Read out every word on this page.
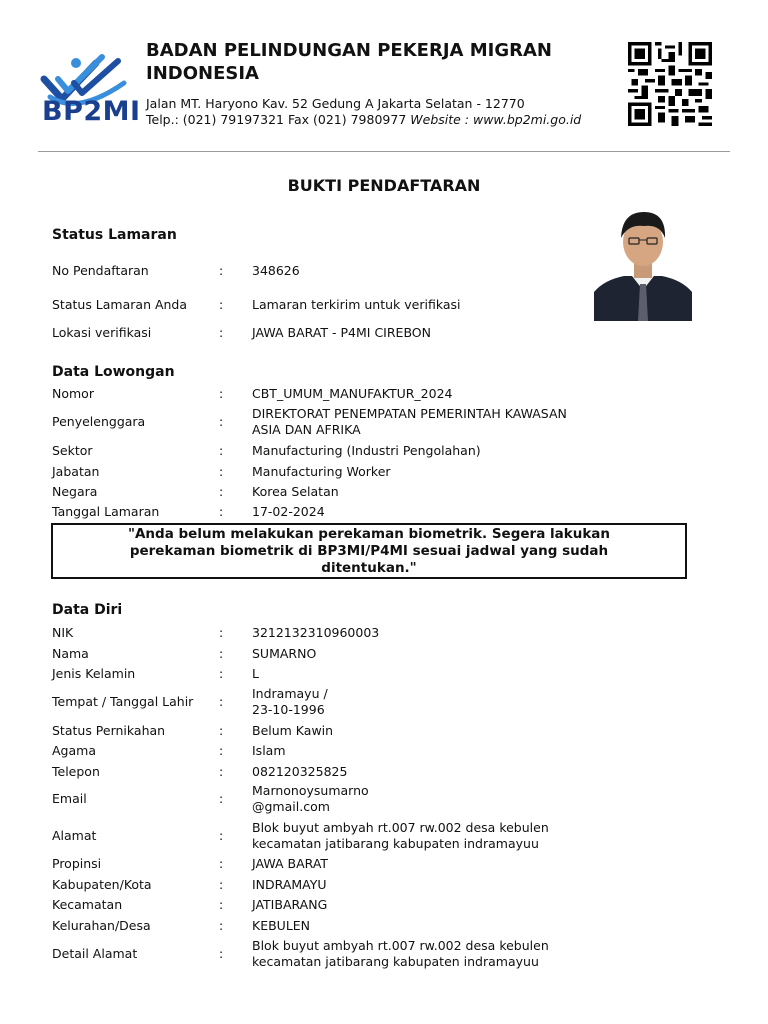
BP2MI
BADAN PELINDUNGAN PEKERJA MIGRAN INDONESIA
Jalan MT. Haryono Kav. 52 Gedung A Jakarta Selatan - 12770
Telp.: (021) 79197321 Fax (021) 7980977 Website : www.bp2mi.go.id
BUKTI PENDAFTARAN
Status Lamaran
No Pendaftaran	: 348626
Status Lamaran Anda	: Lamaran terkirim untuk verifikasi
Lokasi verifikasi	: JAWA BARAT - P4MI CIREBON
Data Lowongan
Nomor	: CBT_UMUM_MANUFAKTUR_2024
Penyelenggara	:
DIREKTORAT PENEMPATAN PEMERINTAH KAWASAN
ASIA DAN AFRIKA
Sektor	: Manufacturing (Industri Pengolahan)
Jabatan	: Manufacturing Worker
Negara	: Korea Selatan
Tanggal Lamaran	: 17-02-2024
"Anda belum melakukan perekaman biometrik. Segera lakukan perekaman biometrik di BP3MI/P4MI sesuai jadwal yang sudah ditentukan."
Data Diri
NIK	: 3212132310960003
Nama	: SUMARNO
Jenis Kelamin	: L
Tempat / Tanggal Lahir :
Indramayu /
23-10-1996
Status Pernikahan	: Belum Kawin
Agama	: Islam
Telepon	: 082120325825
Email	:
Marnonoysumarno
@gmail.com
Alamat	:
Blok buyut ambyah rt.007 rw.002 desa kebulen
kecamatan jatibarang kabupaten indramayuu
Propinsi	: JAWA BARAT
Kabupaten/Kota	: INDRAMAYU
Kecamatan	: JATIBARANG
Kelurahan/Desa	: KEBULEN
Detail Alamat	:
Blok buyut ambyah rt.007 rw.002 desa kebulen
kecamatan jatibarang kabupaten indramayuu
